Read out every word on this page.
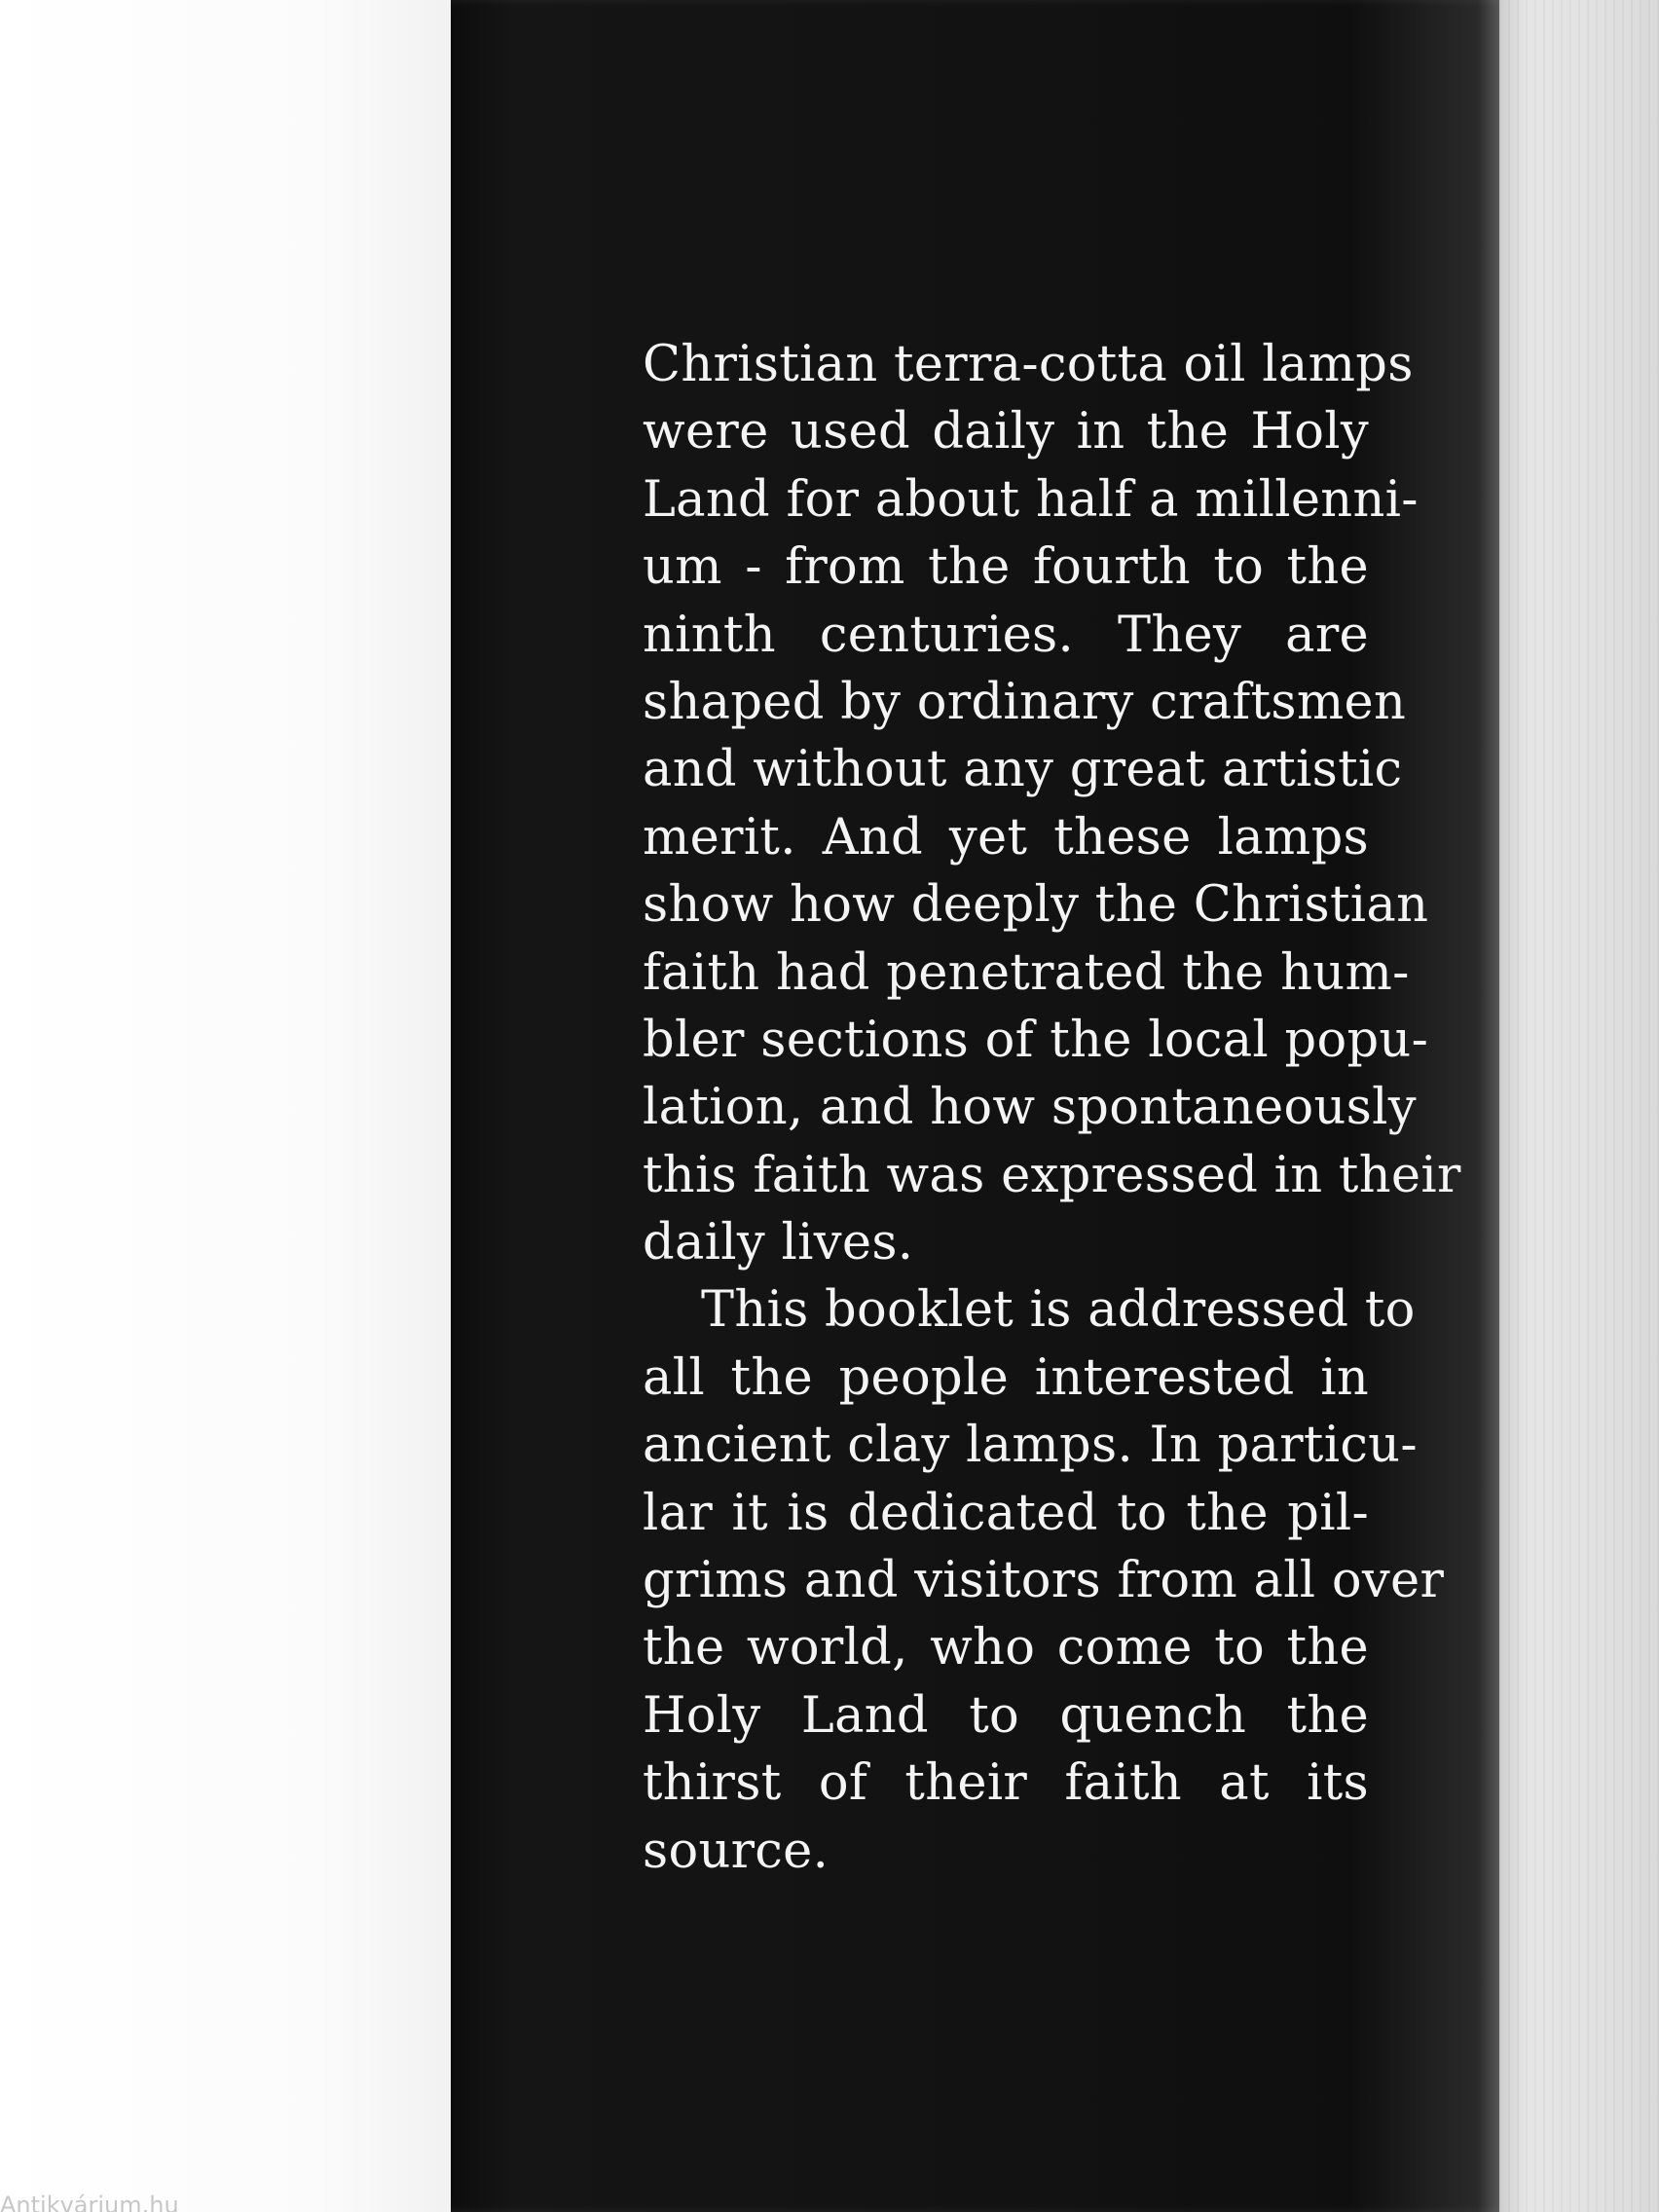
Christian terra-cotta oil lamps
were used daily in the Holy
Land for about half a millenni-
um - from the fourth to the
ninth centuries. They are
shaped by ordinary craftsmen
and without any great artistic
merit. And yet these lamps
show how deeply the Christian
faith had penetrated the hum-
bler sections of the local popu-
lation, and how spontaneously
this faith was expressed in their
daily lives.
This booklet is addressed to
all the people interested in
ancient clay lamps. In particu-
lar it is dedicated to the pil-
grims and visitors from all over
the world, who come to the
Holy Land to quench the
thirst of their faith at its
source.
Antikvárium.hu
